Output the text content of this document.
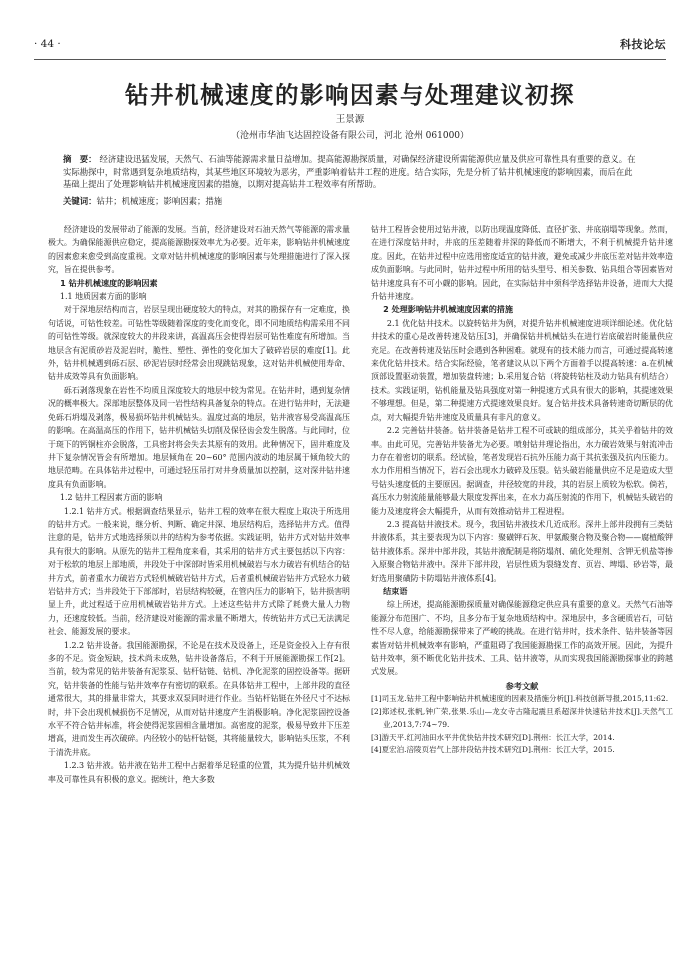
· 44 ·	科技论坛
钻井机械速度的影响因素与处理建议初探
王景源
（沧州市华油飞达固控设备有限公司，河北 沧州 061000）
摘　要： 经济建设迅猛发展，天然气、石油等能源需求量日益增加。提高能源勘探质量，对确保经济建设所需能源供应量及供应可靠性具有重要的意义。在实际勘探中，时常遇到复杂地质结构，其某些地区环境较为恶劣，严重影响着钻井工程的进度。结合实际，先是分析了钻井机械速度的影响因素，而后在此基础上提出了处理影响钻井机械速度因素的措施，以期对提高钻井工程效率有所帮助。
关键词：钻井；机械速度；影响因素；措施

经济建设的发展带动了能源的发展。当前，经济建设对石油天然气等能源的需求量极大。为确保能源供应稳定，提高能源勘探效率尤为必要。近年来，影响钻井机械速度的因素愈来愈受到高度重视。文章对钻井机械速度的影响因素与处理措施进行了深入探究，旨在提供参考。

1 钻井机械速度的影响因素
1.1 地质因素方面的影响

对于深地层结构而言，岩层呈现出硬度较大的特点，对其的勘探存有一定难度，换句话说，可钻性较差。可钻性等级随着深度的变化而变化，即不同地质结构需采用不同的可钻性等级。就深度较大的井段来讲，高温高压会使得岩层可钻性难度有所增加。当地层含有泥质砂岩及泥岩时，脆性、塑性、弹性的变化加大了破碎岩层的难度[1]。此外，钻井机械遇到砾石层、砂泥岩层时经常会出现跳钻现象，这对钻井机械使用寿命、钻井成效等具有负面影响。

砾石剥落现象在岩性不均质且深度较大的地层中较为常见。在钻井时，遇到复杂情况的概率极大。深部地层整体及同一岩性结构具备复杂的特点。在进行钻井时，无法避免砾石坍塌及剥落，极易损坏钻井机械钻头。温度过高的地层，钻井液容易受高温高压的影响。在高温高压的作用下，钻井机械钻头切削及保径齿会发生脱落。与此同时，位于斑下的钙铜柱亦会脱落，工具密封将会失去其原有的效用。此种情况下，固井难度及井下复杂情况皆会有所增加。地层倾角在 20~60° 范围内波动的地层属于倾角较大的地层范畴。在具体钻井过程中，可通过轻压吊打对井身质量加以控制，这对深井钻井速度具有负面影响。

1.2 钻井工程因素方面的影响

1.2.1 钻井方式。根据调查结果显示，钻井工程的效率在很大程度上取决于所选用的钻井方式。一般来说，继分析、判断、确定井深、地层结构后，选择钻井方式。值得注意的是，钻井方式地选择须以井的结构为参考依据。实践证明，钻井方式对钻井效率具有很大的影响。从原先的钻井工程角度来看，其采用的钻井方式主要包括以下内容：对于松软的地层上部地质，井段处于中深部时皆采用机械破岩与水力破岩有机结合的钻井方式，前者重水力破岩方式轻机械破岩钻井方式，后者重机械破岩钻井方式轻水力破岩钻井方式；当井段处于下部部时，岩层结构较硬，在管内压力的影响下，钻井损害明显上升，此过程适于应用机械破岩钻井方式。上述这些钻井方式除了耗费大量人力物力，还速度较低。当前，经济建设对能源的需求量不断增大，传统钻井方式已无法满足社会、能源发展的要求。

1.2.2 钻井设备。我国能源勘探，不论是在技术及设备上，还是资金投入上存有很多的不足。资金短缺，技术尚未成熟，钻井设备落后，不利于开展能源勘探工作[2]。当前，较为常见的钻井装备有泥浆泵、钻杆钻链、钻机、净化泥浆的固控设备等。据研究，钻井装备的性能与钻井效率存有密切的联系。在具体钻井工程中，上部井段的直径通常很大，其的排量非常大，其要求双泵同时进行作业。当钻杆钻铤在外径尺寸不达标时，井下会出现机械损伤不足情况，从而对钻井速度产生消极影响。净化泥浆固控设备水平不符合钻井标准，将会使得泥浆固相含量增加。高密度的泥浆，极易导致井下压差增高，进而发生再次破碎。内径较小的钻杆钻铤，其将能量较大，影响钻头压浆，不利于清洗井底。

1.2.3 钻井液。钻井液在钻井工程中占据着举足轻重的位置，其为提升钻井机械效率及可靠性具有积极的意义。据统计，绝大多数

钻井工程皆会使用过钻井液，以防出现温度降低、直径扩张、井底崩塌等现象。然而，在进行深度钻井时，井底的压差随着井深的降低而不断增大，不利于机械提升钻井速度。因此，在钻井过程中应选用密度适宜的钻井液，避免或减少井底压差对钻井效率造成负面影响。与此同时，钻井过程中所用的钻头型号、相关参数、钻具组合等因素皆对钻井速度具有不可小觑的影响。因此，在实际钻井中须科学选择钻井设备，进而大大提升钻井速度。

2 处理影响钻井机械速度因素的措施

2.1 优化钻井技术。以旋转钻井为例，对提升钻井机械速度进项详细论述。优化钻井技术的重心是改善转速及钻压[3]，并确保钻井机械钻头在进行岩底破岩时能量供应充足。在改善转速及钻压时会遇到各种困难。就现有的技术能力而言，可通过提高转速来优化钻井技术。结合实际经验，笔者建议从以下两个方面着手以提高转速：a.在机械顶部设置驱动装置，增加装盘转速；b.采用复合钻（将旋转钻柱及动力钻具有机结合）技术。实践证明，钻机能量及钻具强度对第一种提速方式具有很大的影响，其提速效果不够理想。但是，第二种提速方式提速效果良好。复合钻井技术具备转速奇切断层的优点，对大幅提升钻井速度及质量具有非凡的意义。

2.2 完善钻井装备。钻井装备是钻井工程不可或缺的组成部分，其关乎着钻井的效率。由此可见，完善钻井装备尤为必要。喷射钻井理论指出，水力破岩效果与射流冲击力存在着密切的联系。经试验，笔者发现岩石抗外压能力高于其抗张强及抗内压能力。水力作用相当情况下，岩石会出现水力破碎及压裂。钻头破岩能量供应不足是造成大型号钻头速度低的主要原因。据调查，井径较宽的井段，其的岩层上质较为松软。倘若，高压水力射流能量能够最大限度发挥出来，在水力高压射流的作用下，机械钻头破岩的能力及速度将会大幅提升，从而有效推动钻井工程进程。

2.3 提高钻井液技术。现今，我国钻井液技术几近成形。深井上部井段拥有三类钻井液体系，其主要表现为以下内容：聚磺钾石灰、甲氨酸聚合物及聚合物——腐植酸钾钻井液体系。深井中部井段，其钻井液配制是将防塌剂、硫化处理剂、含钾无机盐等掺入原聚合物钻井液中。深井下部井段，岩层性质为裂缝发育、页岩、埤塌、砂岩等，最好选用聚磺防卡防塌钻井液体系[4]。

结束语

综上所述，提高能源勘探质量对确保能源稳定供应具有重要的意义。天然气石油等能源分布范围广、不均，且多分布于复杂地质结构中。深地层中，多含硬质岩石，可钻性不尽人意，给能源勘探带来了严峻的挑战。在进行钻井时，技术条件、钻井装备等因素皆对钻井机械效率有影响，严重阻碍了我国能源勘探工作的高效开展。因此，为提升钻井效率，须不断优化钻井技术、工具、钻井液等，从而实现我国能源勘探事业的跨越式发展。

参考文献
[1]司玉龙.钻井工程中影响钻井机械速度的因素及措施分析[J].科技创新导报,2015,11:62.
[2]郑述权,张帆,钟广荣,张果.乐山—龙女寺古隆起震旦系超深井快速钻井技术[J].天然气工业,2013,7:74~79.
[3]游天平.红河油田水平井优快钻井技术研究[D].荆州：长江大学，2014.
[4]夏宏泊.涪陵页岩气上部井段钻井技术研究[D].荆州：长江大学，2015.
